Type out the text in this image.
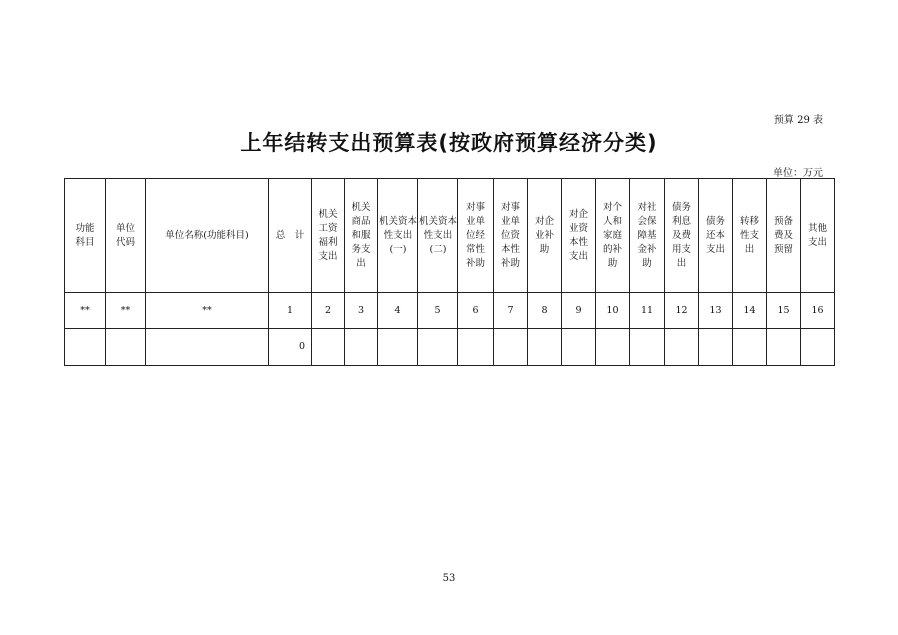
预算 29 表
上年结转支出预算表(按政府预算经济分类)
单位：万元
功能科目	单位代码	单位名称(功能科目)	总　计	机关工资福利支出	机关商品和服务支出	机关资本性支出(一)	机关资本性支出(二)	对事业单位经常性补助	对事业单位资本性补助	对企业补助	对企业资本性支出	对个人和家庭的补助	对社会保障基金补助	债务利息及费用支出	债务还本支出	转移性支出	预备费及预留	其他支出
**	**	**	1	2	3	4	5	6	7	8	9	10	11	12	13	14	15	16
			0															
53
